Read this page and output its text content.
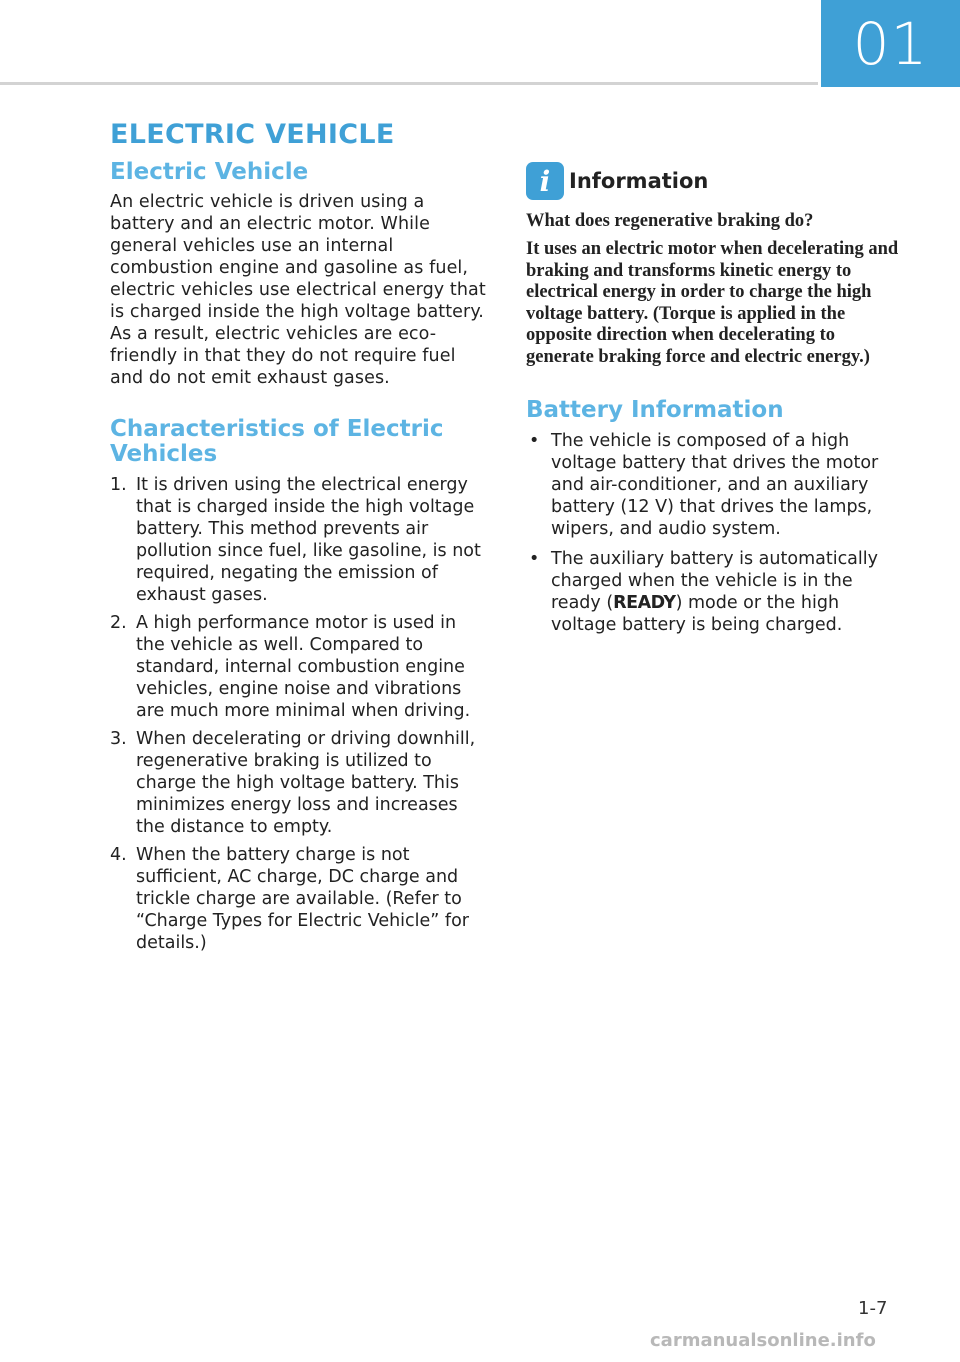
01
ELECTRIC VEHICLE
Electric Vehicle

An electric vehicle is driven using a battery and an electric motor. While general vehicles use an internal combustion engine and gasoline as fuel, electric vehicles use electrical energy that is charged inside the high voltage battery. As a result, electric vehicles are eco-friendly in that they do not require fuel and do not emit exhaust gases.

Characteristics of Electric Vehicles
1. It is driven using the electrical energy that is charged inside the high voltage battery. This method prevents air pollution since fuel, like gasoline, is not required, negating the emission of exhaust gases.
2. A high performance motor is used in the vehicle as well. Compared to standard, internal combustion engine vehicles, engine noise and vibrations are much more minimal when driving.
3. When decelerating or driving downhill, regenerative braking is utilized to charge the high voltage battery. This minimizes energy loss and increases the distance to empty.
4. When the battery charge is not sufficient, AC charge, DC charge and trickle charge are available. (Refer to “Charge Types for Electric Vehicle” for details.)
i Information

What does regenerative braking do?

It uses an electric motor when decelerating and braking and transforms kinetic energy to electrical energy in order to charge the high voltage battery. (Torque is applied in the opposite direction when decelerating to generate braking force and electric energy.)

Battery Information
• The vehicle is composed of a high voltage battery that drives the motor and air-conditioner, and an auxiliary battery (12 V) that drives the lamps, wipers, and audio system.
• The auxiliary battery is automatically charged when the vehicle is in the ready (READY) mode or the high voltage battery is being charged.
1-7
carmanualsonline.info
